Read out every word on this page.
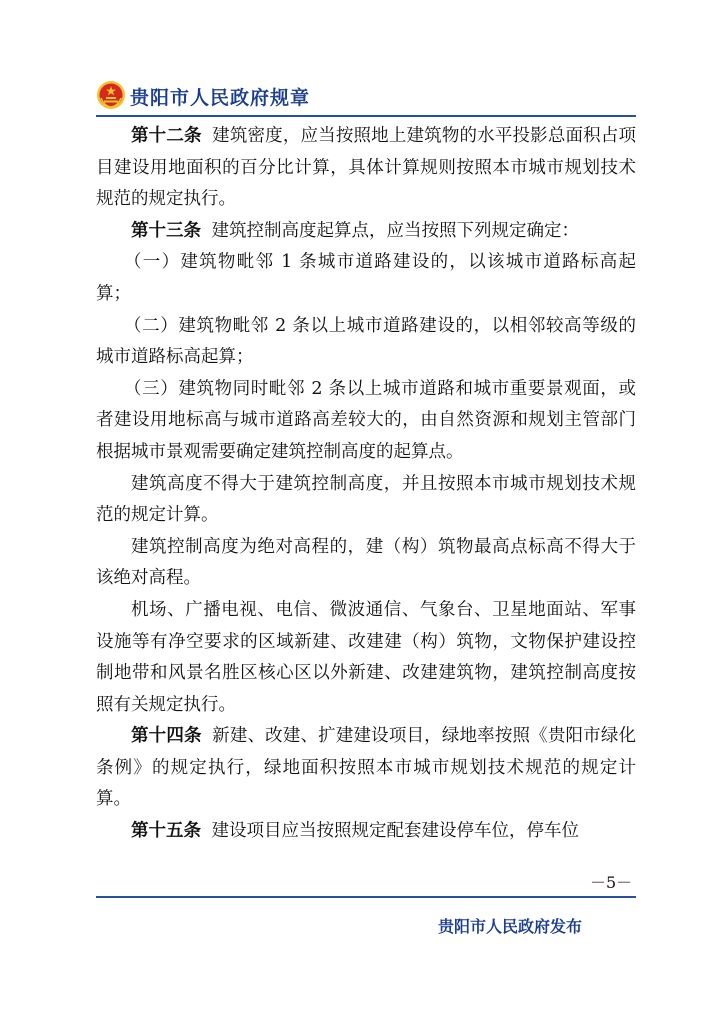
贵阳市人民政府规章

第十二条 建筑密度，应当按照地上建筑物的水平投影总面积占项目建设用地面积的百分比计算，具体计算规则按照本市城市规划技术规范的规定执行。

第十三条 建筑控制高度起算点，应当按照下列规定确定：

（一）建筑物毗邻 1 条城市道路建设的，以该城市道路标高起算；

（二）建筑物毗邻 2 条以上城市道路建设的，以相邻较高等级的城市道路标高起算；

（三）建筑物同时毗邻 2 条以上城市道路和城市重要景观面，或者建设用地标高与城市道路高差较大的，由自然资源和规划主管部门根据城市景观需要确定建筑控制高度的起算点。

建筑高度不得大于建筑控制高度，并且按照本市城市规划技术规范的规定计算。

建筑控制高度为绝对高程的，建（构）筑物最高点标高不得大于该绝对高程。

机场、广播电视、电信、微波通信、气象台、卫星地面站、军事设施等有净空要求的区域新建、改建建（构）筑物，文物保护建设控制地带和风景名胜区核心区以外新建、改建建筑物，建筑控制高度按照有关规定执行。

第十四条 新建、改建、扩建建设项目，绿地率按照《贵阳市绿化条例》的规定执行，绿地面积按照本市城市规划技术规范的规定计算。

第十五条 建设项目应当按照规定配套建设停车位，停车位

－5－
贵阳市人民政府发布
